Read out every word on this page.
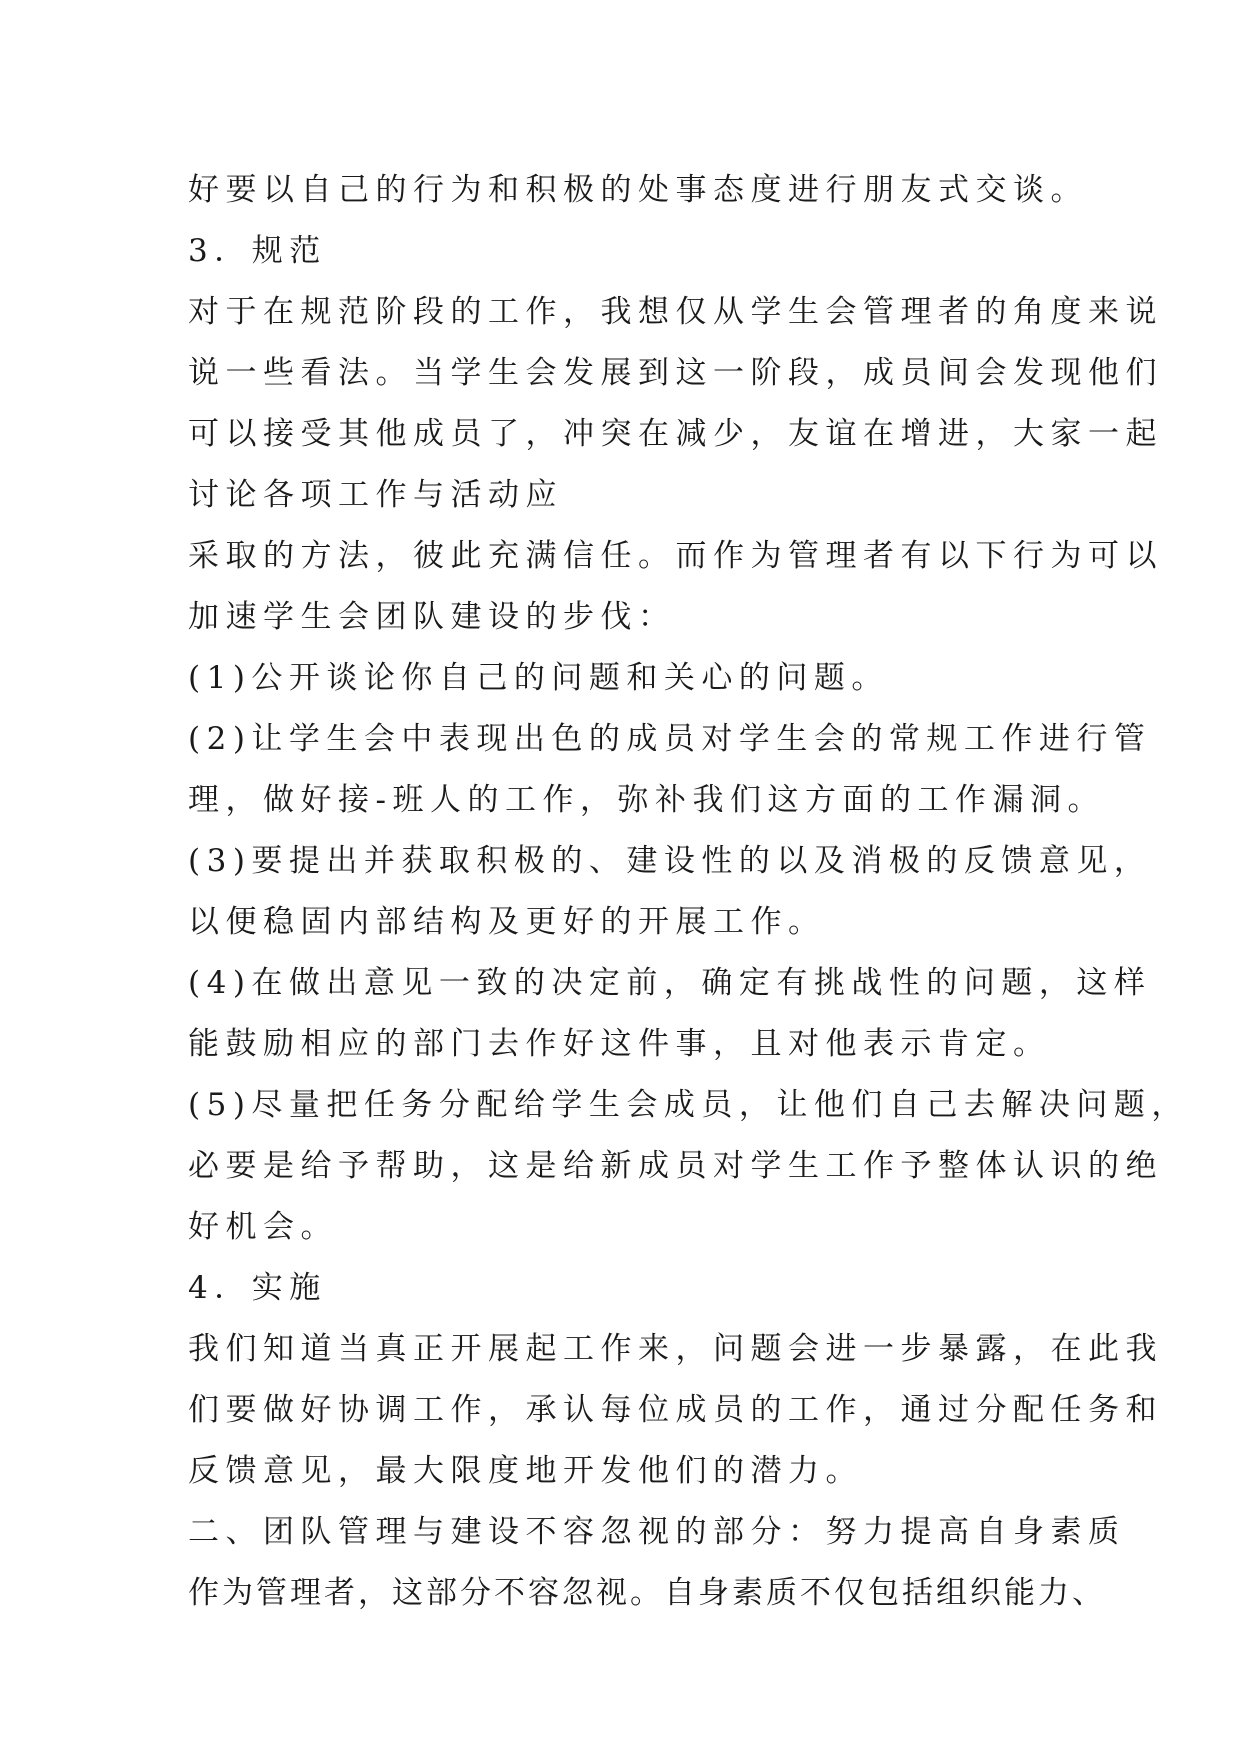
好要以自己的行为和积极的处事态度进行朋友式交谈。
3．规范
对于在规范阶段的工作，我想仅从学生会管理者的角度来说
说一些看法。当学生会发展到这一阶段，成员间会发现他们
可以接受其他成员了，冲突在减少，友谊在增进，大家一起
讨论各项工作与活动应
采取的方法，彼此充满信任。而作为管理者有以下行为可以
加速学生会团队建设的步伐：
(1)公开谈论你自己的问题和关心的问题。
(2)让学生会中表现出色的成员对学生会的常规工作进行管
理，做好接-班人的工作，弥补我们这方面的工作漏洞。
(3)要提出并获取积极的、建设性的以及消极的反馈意见，
以便稳固内部结构及更好的开展工作。
(4)在做出意见一致的决定前，确定有挑战性的问题，这样
能鼓励相应的部门去作好这件事，且对他表示肯定。
(5)尽量把任务分配给学生会成员，让他们自己去解决问题，
必要是给予帮助，这是给新成员对学生工作予整体认识的绝
好机会。
4．实施
我们知道当真正开展起工作来，问题会进一步暴露，在此我
们要做好协调工作，承认每位成员的工作，通过分配任务和
反馈意见，最大限度地开发他们的潜力。
二、团队管理与建设不容忽视的部分：努力提高自身素质
作为管理者，这部分不容忽视。自身素质不仅包括组织能力、
